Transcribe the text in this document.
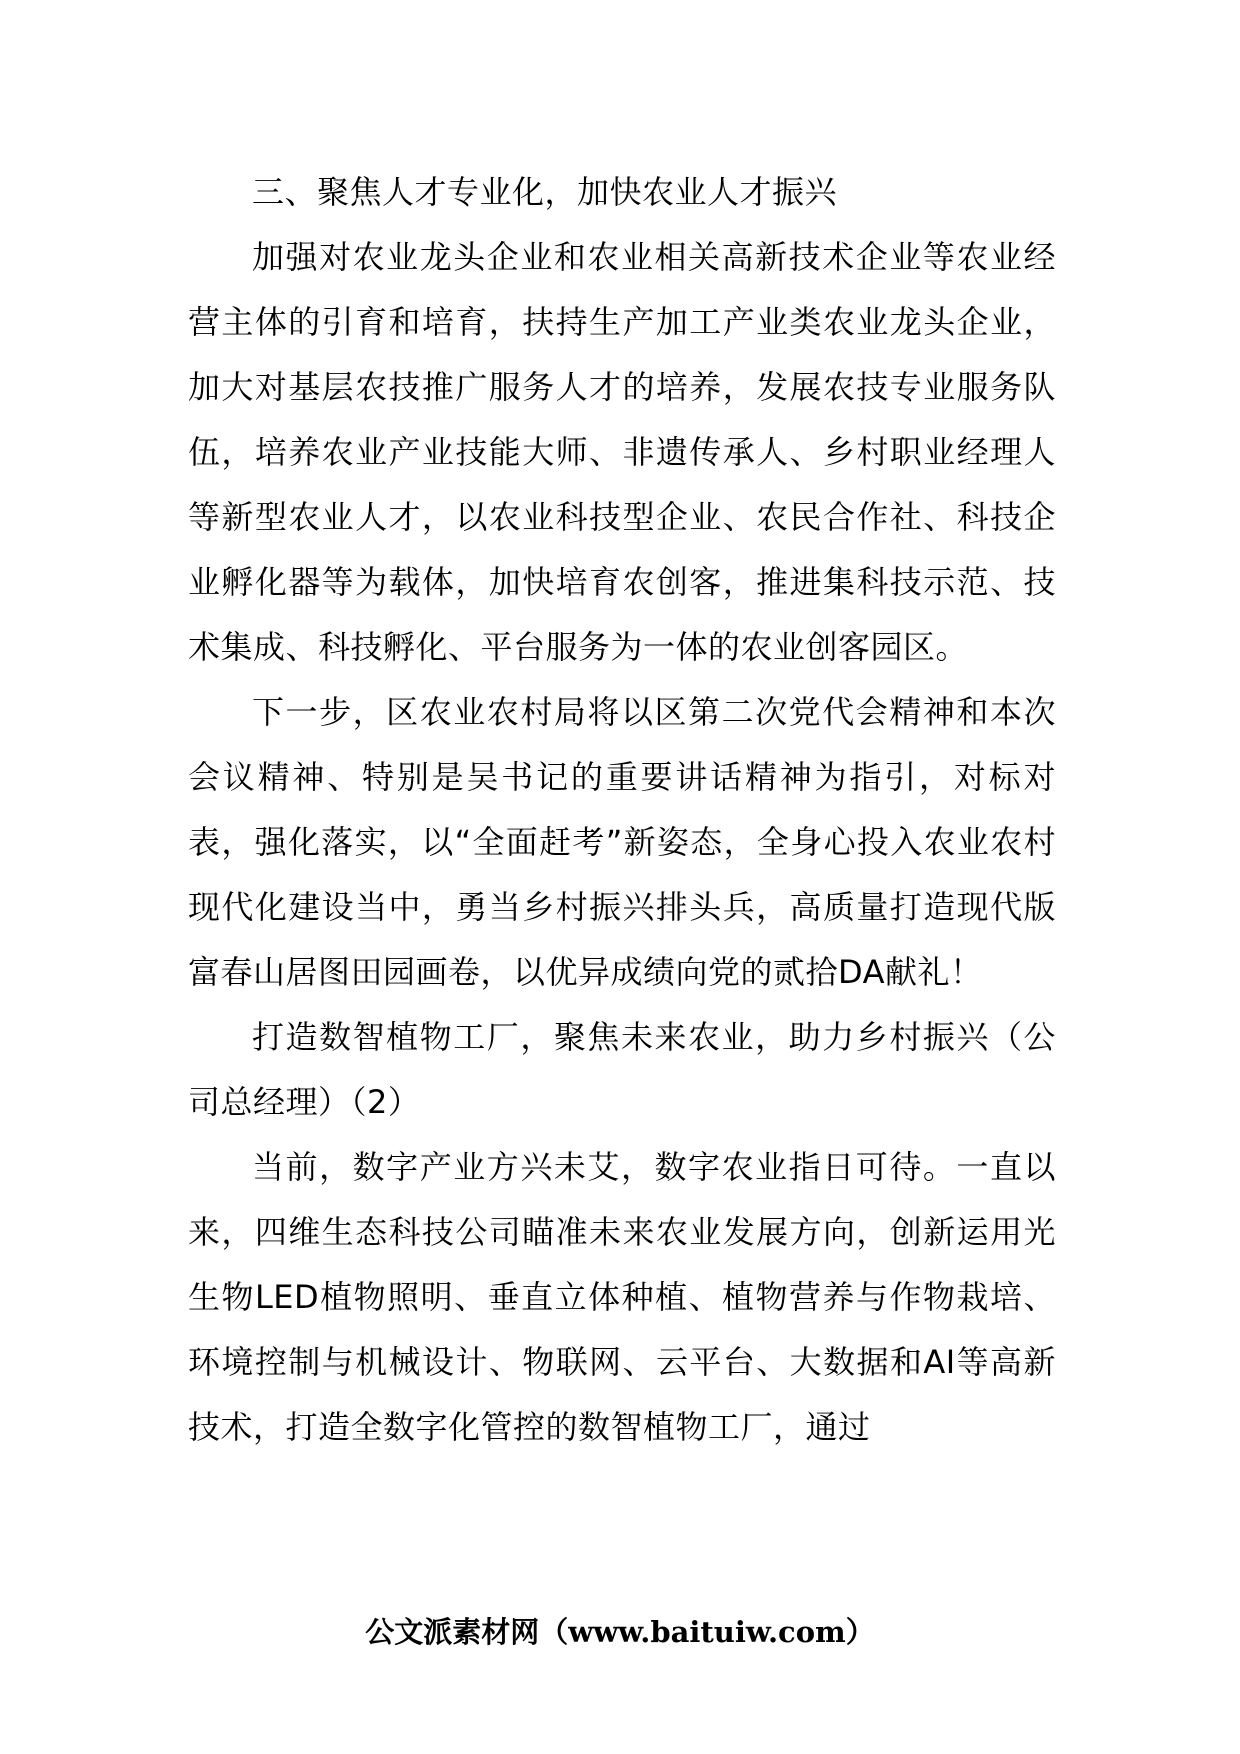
三、聚焦人才专业化，加快农业人才振兴

加强对农业龙头企业和农业相关高新技术企业等农业经营主体的引育和培育，扶持生产加工产业类农业龙头企业，加大对基层农技推广服务人才的培养，发展农技专业服务队伍，培养农业产业技能大师、非遗传承人、乡村职业经理人等新型农业人才，以农业科技型企业、农民合作社、科技企业孵化器等为载体，加快培育农创客，推进集科技示范、技术集成、科技孵化、平台服务为一体的农业创客园区。

下一步，区农业农村局将以区第二次党代会精神和本次会议精神、特别是吴书记的重要讲话精神为指引，对标对表，强化落实，以“全面赶考”新姿态，全身心投入农业农村现代化建设当中，勇当乡村振兴排头兵，高质量打造现代版富春山居图田园画卷，以优异成绩向党的贰拾DA献礼！

打造数智植物工厂，聚焦未来农业，助力乡村振兴（公司总经理）（2）

当前，数字产业方兴未艾，数字农业指日可待。一直以来，四维生态科技公司瞄准未来农业发展方向，创新运用光生物LED植物照明、垂直立体种植、植物营养与作物栽培、环境控制与机械设计、物联网、云平台、大数据和AI等高新技术，打造全数字化管控的数智植物工厂，通过

公文派素材网（www.baituiw.com）
